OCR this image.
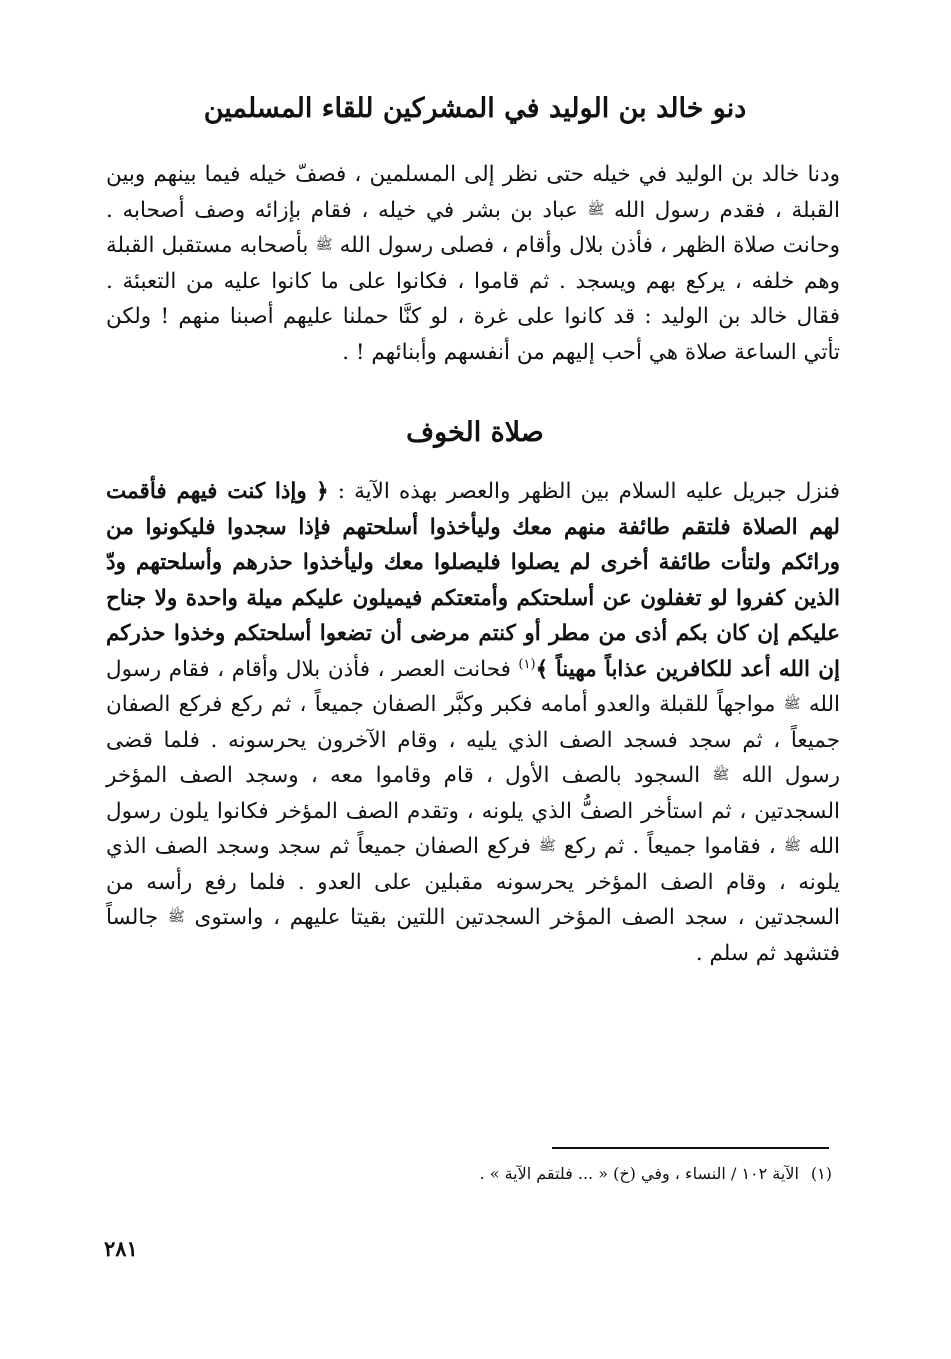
دنو خالد بن الوليد في المشركين للقاء المسلمين

ودنا خالد بن الوليد في خيله حتى نظر إلى المسلمين ، فصفّ خيله فيما بينهم وبين القبلة ، فقدم رسول الله ﷺ عباد بن بشر في خيله ، فقام بإزائه وصف أصحابه . وحانت صلاة الظهر ، فأذن بلال وأقام ، فصلى رسول الله ﷺ بأصحابه مستقبل القبلة وهم خلفه ، يركع بهم ويسجد . ثم قاموا ، فكانوا على ما كانوا عليه من التعبئة . فقال خالد بن الوليد : قد كانوا على غرة ، لو كنَّا حملنا عليهم أصبنا منهم ! ولكن تأتي الساعة صلاة هي أحب إليهم من أنفسهم وأبنائهم ! .

صلاة الخوف

فنزل جبريل عليه السلام بين الظهر والعصر بهذه الآية : ﴿ وإذا كنت فيهم فأقمت لهم الصلاة فلتقم طائفة منهم معك وليأخذوا أسلحتهم فإذا سجدوا فليكونوا من ورائكم ولتأت طائفة أخرى لم يصلوا فليصلوا معك وليأخذوا حذرهم وأسلحتهم ودّ الذين كفروا لو تغفلون عن أسلحتكم وأمتعتكم فيميلون عليكم ميلة واحدة ولا جناح عليكم إن كان بكم أذى من مطر أو كنتم مرضى أن تضعوا أسلحتكم وخذوا حذركم إن الله أعد للكافرين عذاباً مهيناً ﴾$^{(١)}$ فحانت العصر ، فأذن بلال وأقام ، فقام رسول الله ﷺ مواجهاً للقبلة والعدو أمامه فكبر وكبَّر الصفان جميعاً ، ثم ركع فركع الصفان جميعاً ، ثم سجد فسجد الصف الذي يليه ، وقام الآخرون يحرسونه . فلما قضى رسول الله ﷺ السجود بالصف الأول ، قام وقاموا معه ، وسجد الصف المؤخر السجدتين ، ثم استأخر الصفُّ الذي يلونه ، وتقدم الصف المؤخر فكانوا يلون رسول الله ﷺ ، فقاموا جميعاً . ثم ركع ﷺ فركع الصفان جميعاً ثم سجد وسجد الصف الذي يلونه ، وقام الصف المؤخر يحرسونه مقبلين على العدو . فلما رفع رأسه من السجدتين ، سجد الصف المؤخر السجدتين اللتين بقيتا عليهم ، واستوى ﷺ جالساً فتشهد ثم سلم .

(١)الآية ١٠٢ / النساء ، وفي (خ) « ... فلتقم الآية » .

٢٨١
